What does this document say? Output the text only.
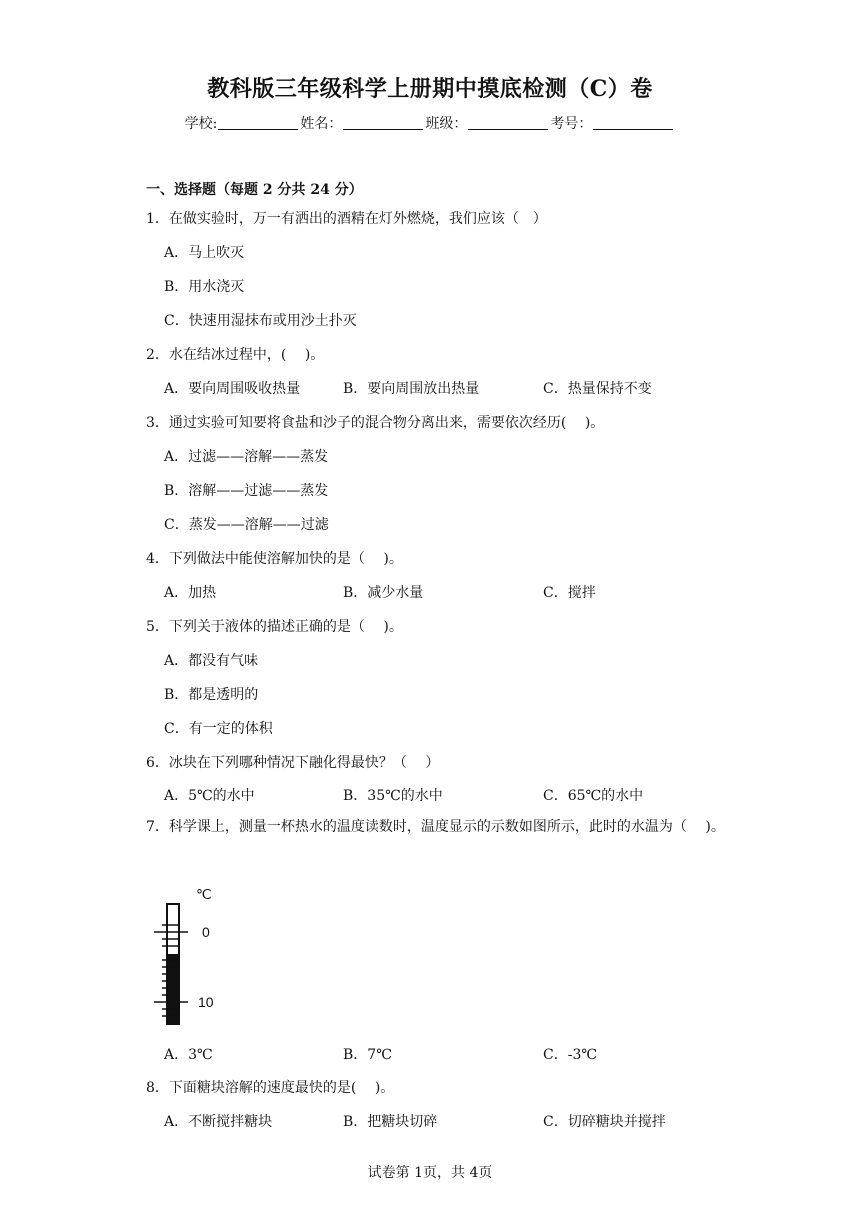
教科版三年级科学上册期中摸底检测（C）卷
学校:	姓名：	班级：	考号：
一、选择题（每题 2 分共 24 分）
1．在做实验时，万一有洒出的酒精在灯外燃烧，我们应该（　）
A．马上吹灭
B．用水浇灭
C．快速用湿抹布或用沙土扑灭
2．水在结冰过程中，(　 )。
A．要向周围吸收热量	B．要向周围放出热量	C．热量保持不变
3．通过实验可知要将食盐和沙子的混合物分离出来，需要依次经历(　 )。
A．过滤——溶解——蒸发
B．溶解——过滤——蒸发
C．蒸发——溶解——过滤
4．下列做法中能使溶解加快的是（　 )。
A．加热	B．减少水量	C．搅拌
5．下列关于液体的描述正确的是（　 )。
A．都没有气味
B．都是透明的
C．有一定的体积
6．冰块在下列哪种情况下融化得最快？（　 ）
A．5℃的水中	B．35℃的水中	C．65℃的水中
7．科学课上，测量一杯热水的温度读数时，温度显示的示数如图所示，此时的水温为（　 )。
℃
0
10
A．3℃	B．7℃	C．-3℃
8．下面糖块溶解的速度最快的是(　 )。
A．不断搅拌糖块	B．把糖块切碎	C．切碎糖块并搅拌
试卷第 1页，共 4页
